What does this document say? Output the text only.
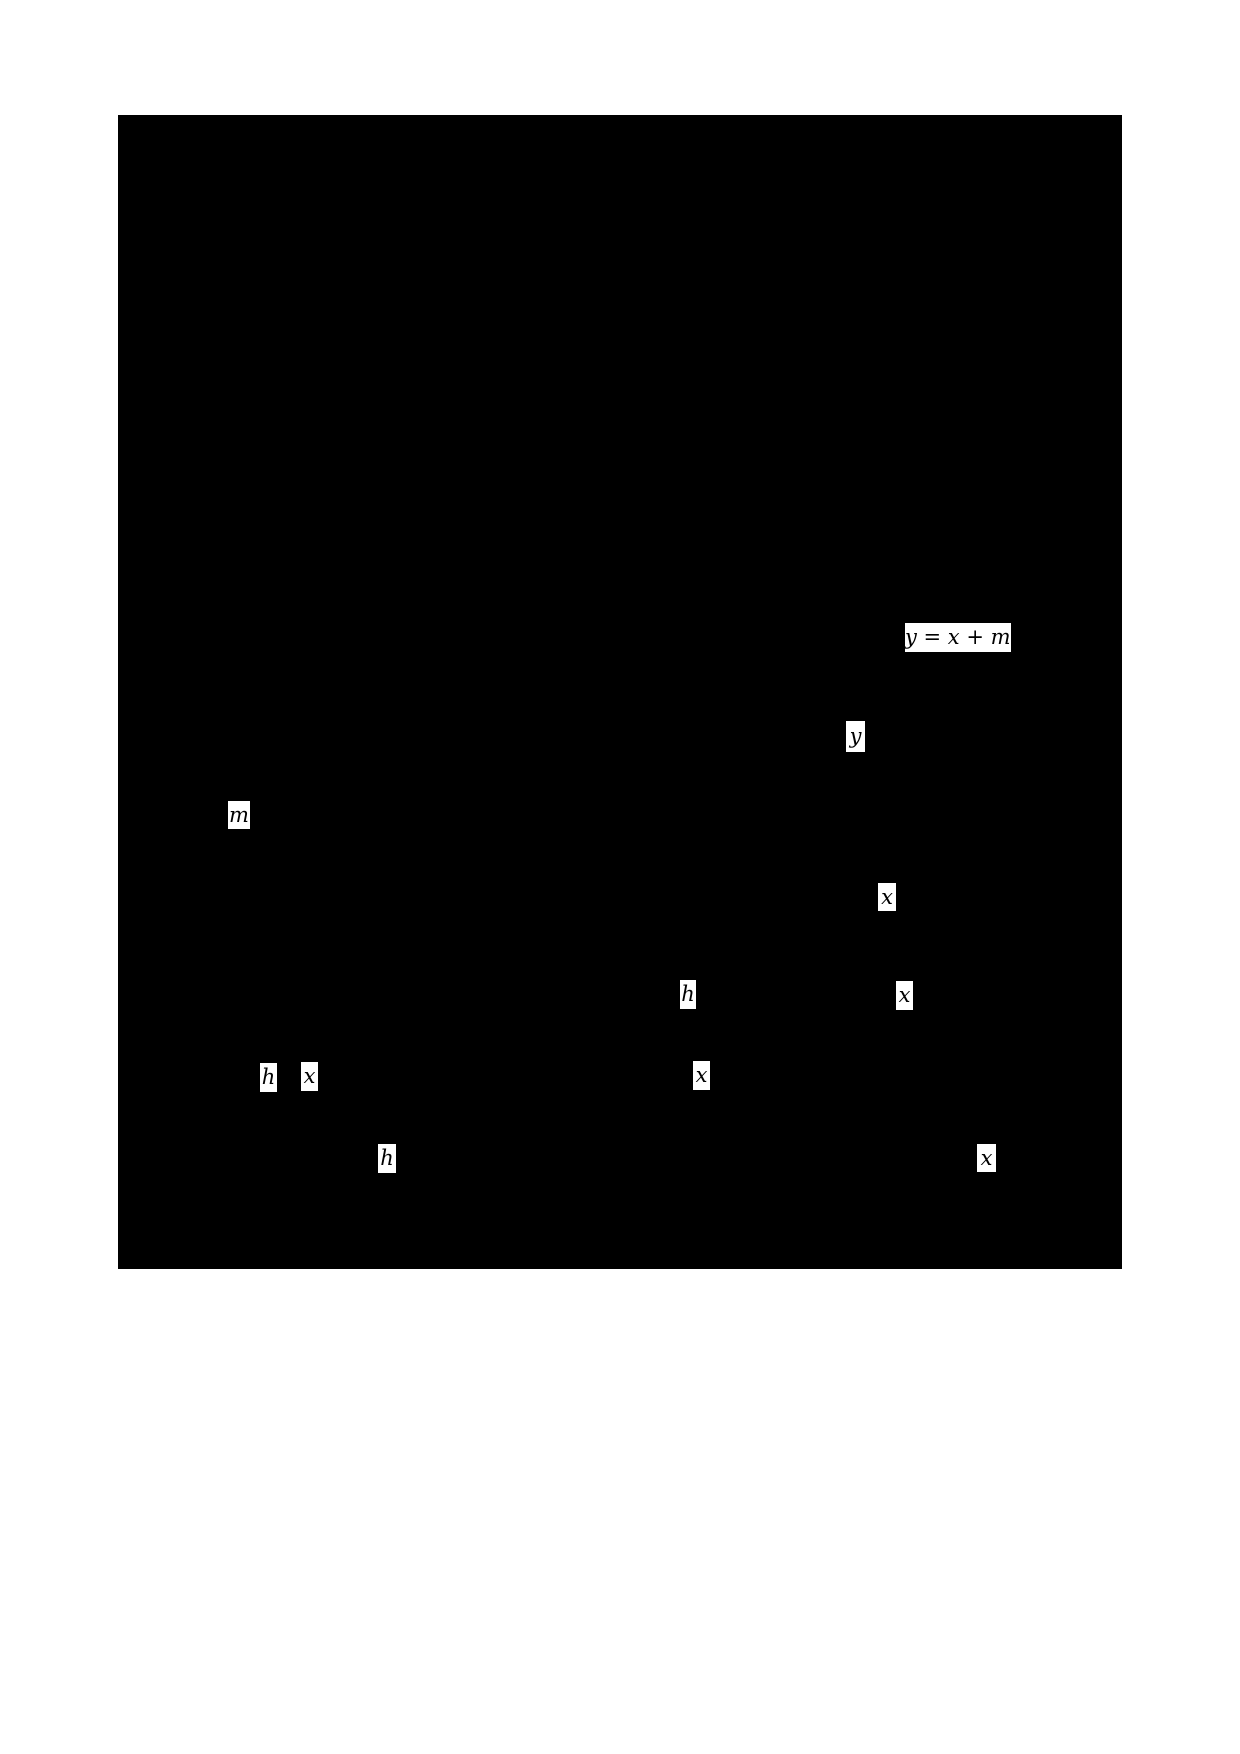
y = x + m
y
m
x
h	x
h x	x
h	x
